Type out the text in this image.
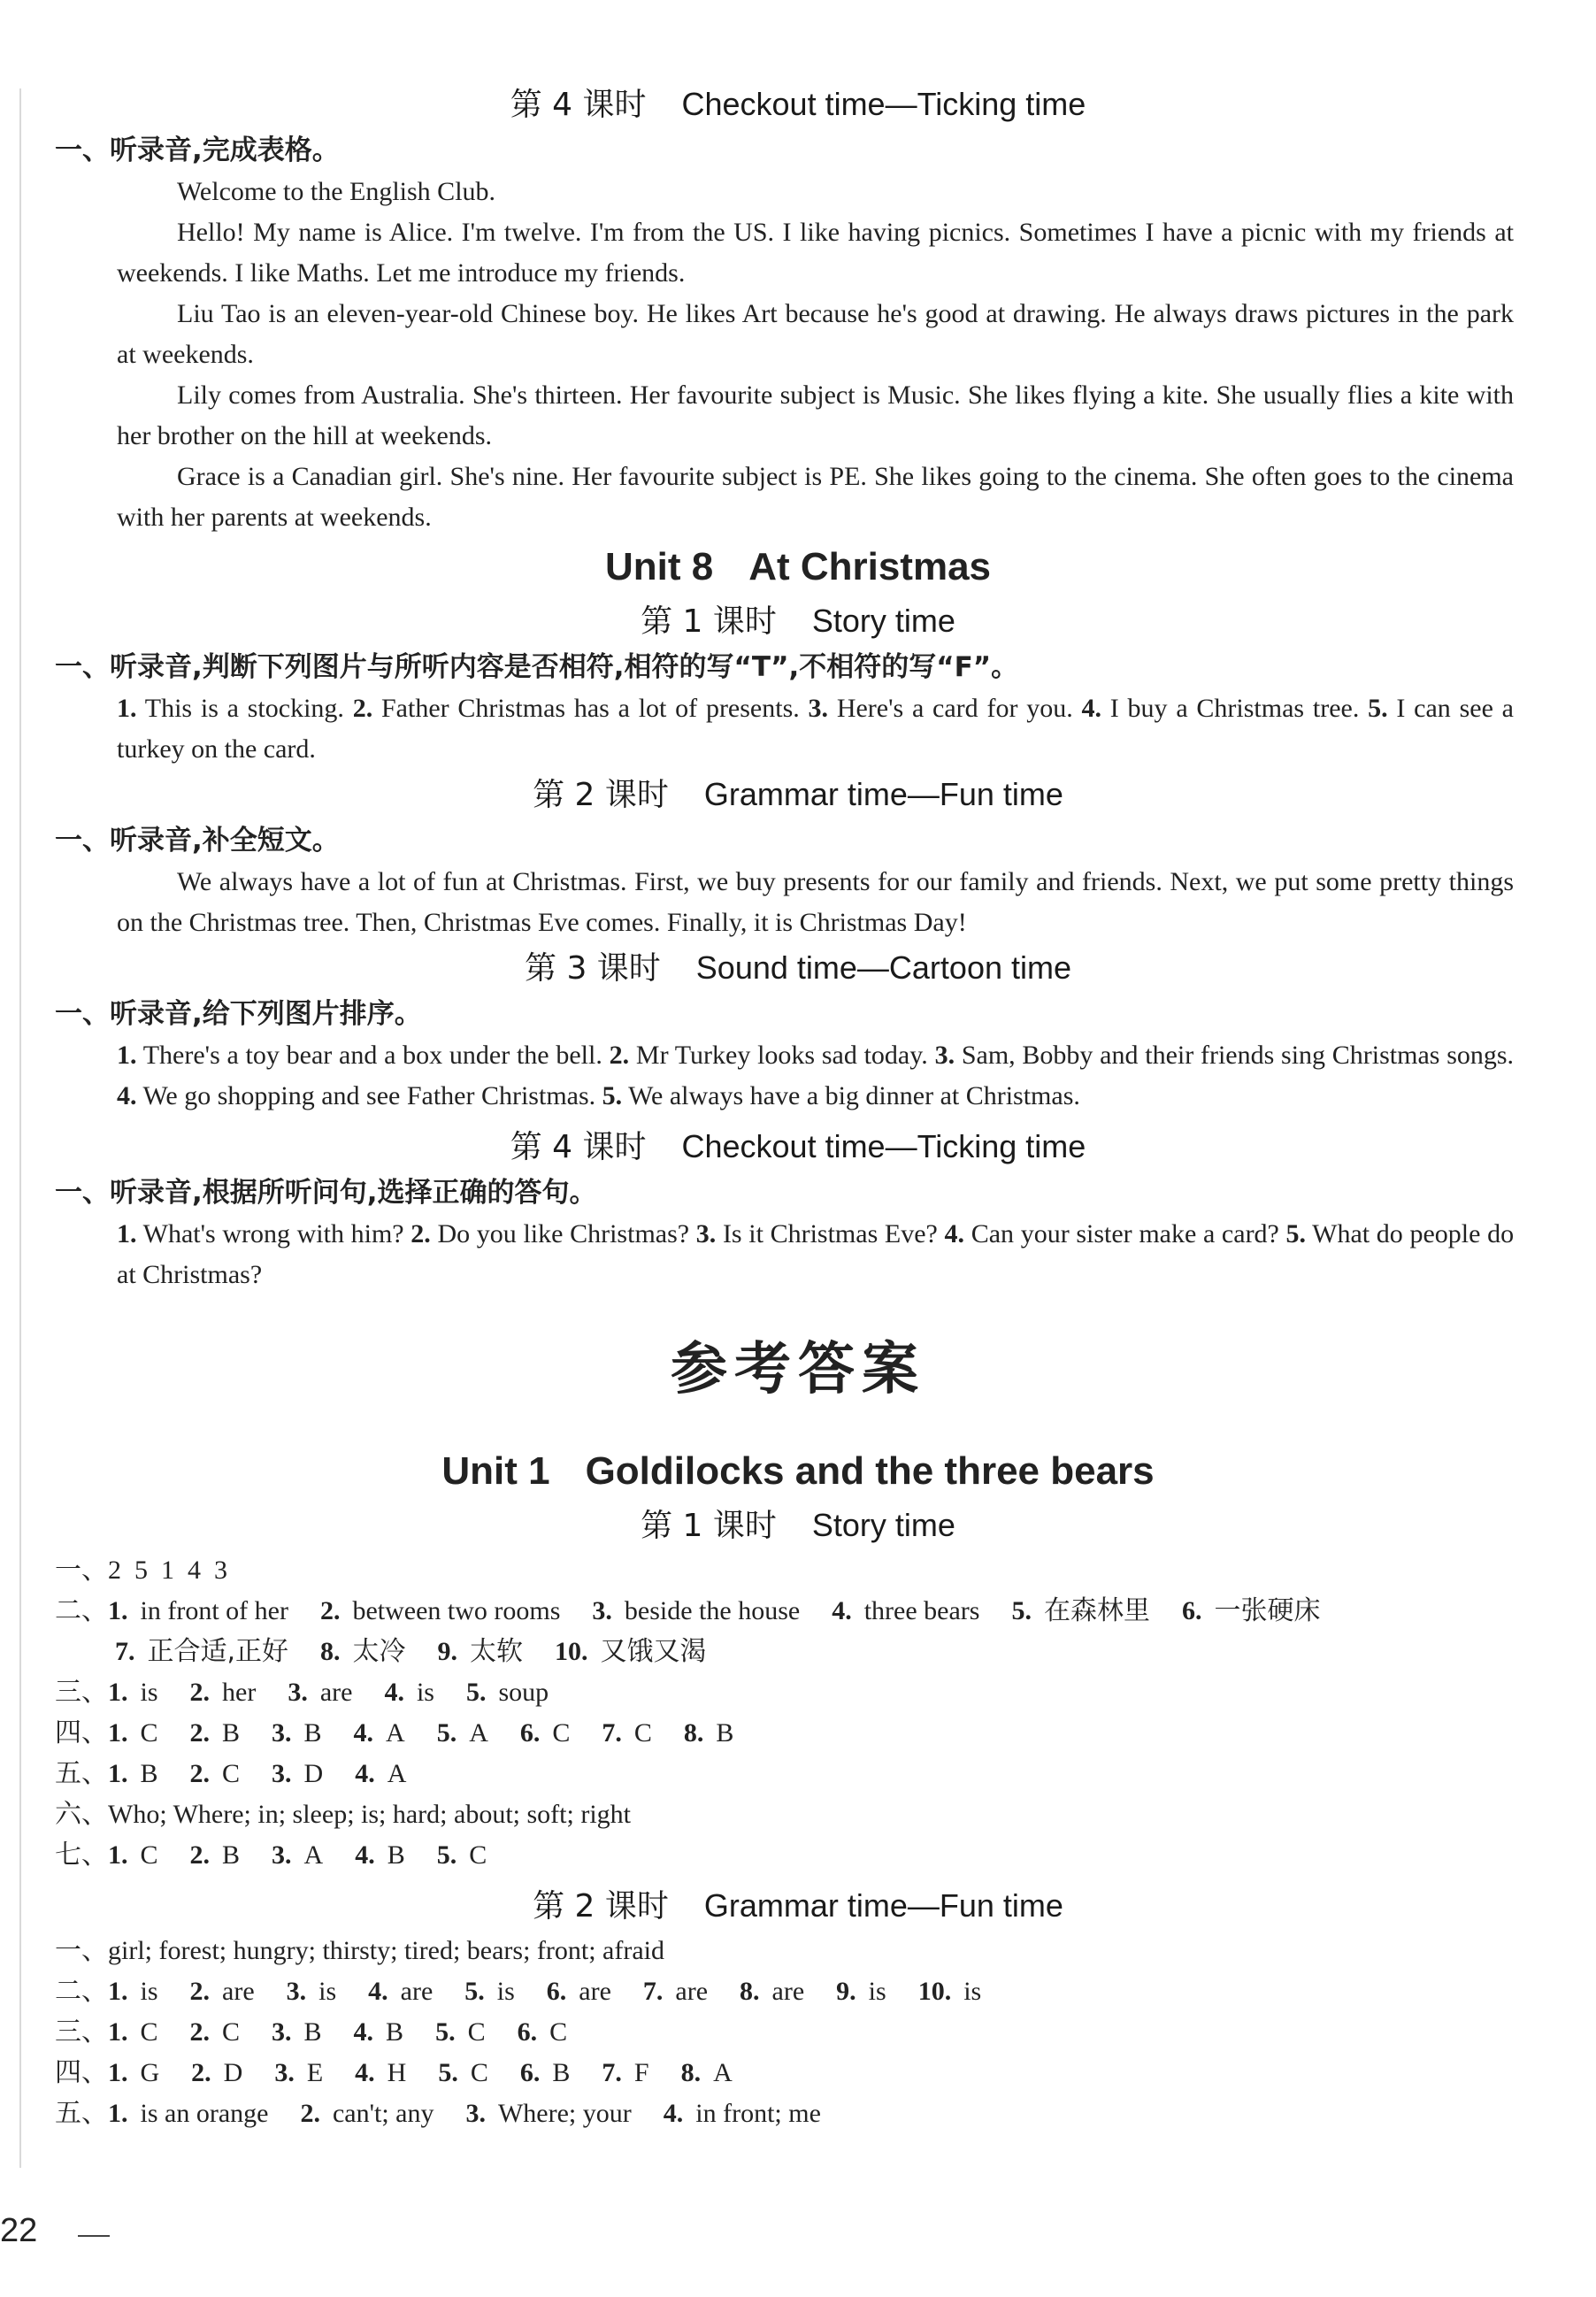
第 4 课时 Checkout time—Ticking time
一、听录音,完成表格。

Welcome to the English Club.

Hello! My name is Alice. I'm twelve. I'm from the US. I like having picnics. Sometimes I have a picnic with my friends at weekends. I like Maths. Let me introduce my friends.

Liu Tao is an eleven-year-old Chinese boy. He likes Art because he's good at drawing. He always draws pictures in the park at weekends.

Lily comes from Australia. She's thirteen. Her favourite subject is Music. She likes flying a kite. She usually flies a kite with her brother on the hill at weekends.

Grace is a Canadian girl. She's nine. Her favourite subject is PE. She likes going to the cinema. She often goes to the cinema with her parents at weekends.

Unit 8 At Christmas
第 1 课时 Story time
一、听录音,判断下列图片与所听内容是否相符,相符的写“T”,不相符的写“F”。

1. This is a stocking. 2. Father Christmas has a lot of presents. 3. Here's a card for you. 4. I buy a Christmas tree. 5. I can see a turkey on the card.

第 2 课时 Grammar time—Fun time
一、听录音,补全短文。

We always have a lot of fun at Christmas. First, we buy presents for our family and friends. Next, we put some pretty things on the Christmas tree. Then, Christmas Eve comes. Finally, it is Christmas Day!

第 3 课时 Sound time—Cartoon time
一、听录音,给下列图片排序。

1. There's a toy bear and a box under the bell. 2. Mr Turkey looks sad today. 3. Sam, Bobby and their friends sing Christmas songs. 4. We go shopping and see Father Christmas. 5. We always have a big dinner at Christmas.

第 4 课时 Checkout time—Ticking time
一、听录音,根据所听问句,选择正确的答句。

1. What's wrong with him? 2. Do you like Christmas? 3. Is it Christmas Eve? 4. Can your sister make a card? 5. What do people do at Christmas?

参考答案
Unit 1 Goldilocks and the three bears
第 1 课时 Story time
一、2  5  1  4  3
二、1. in front of her 2. between two rooms 3. beside the house 4. three bears 5. 在森林里 6. 一张硬床
7. 正合适,正好 8. 太冷 9. 太软 10. 又饿又渴
三、1. is 2. her 3. are 4. is 5. soup
四、1. C 2. B 3. B 4. A 5. A 6. C 7. C 8. B
五、1. B 2. C 3. D 4. A
六、Who; Where; in; sleep; is; hard; about; soft; right
七、1. C 2. B 3. A 4. B 5. C
第 2 课时 Grammar time—Fun time
一、girl; forest; hungry; thirsty; tired; bears; front; afraid
二、1. is 2. are 3. is 4. are 5. is 6. are 7. are 8. are 9. is 10. is
三、1. C 2. C 3. B 4. B 5. C 6. C
四、1. G 2. D 3. E 4. H 5. C 6. B 7. F 8. A
五、1. is an orange 2. can't; any 3. Where; your 4. in front; me
22
